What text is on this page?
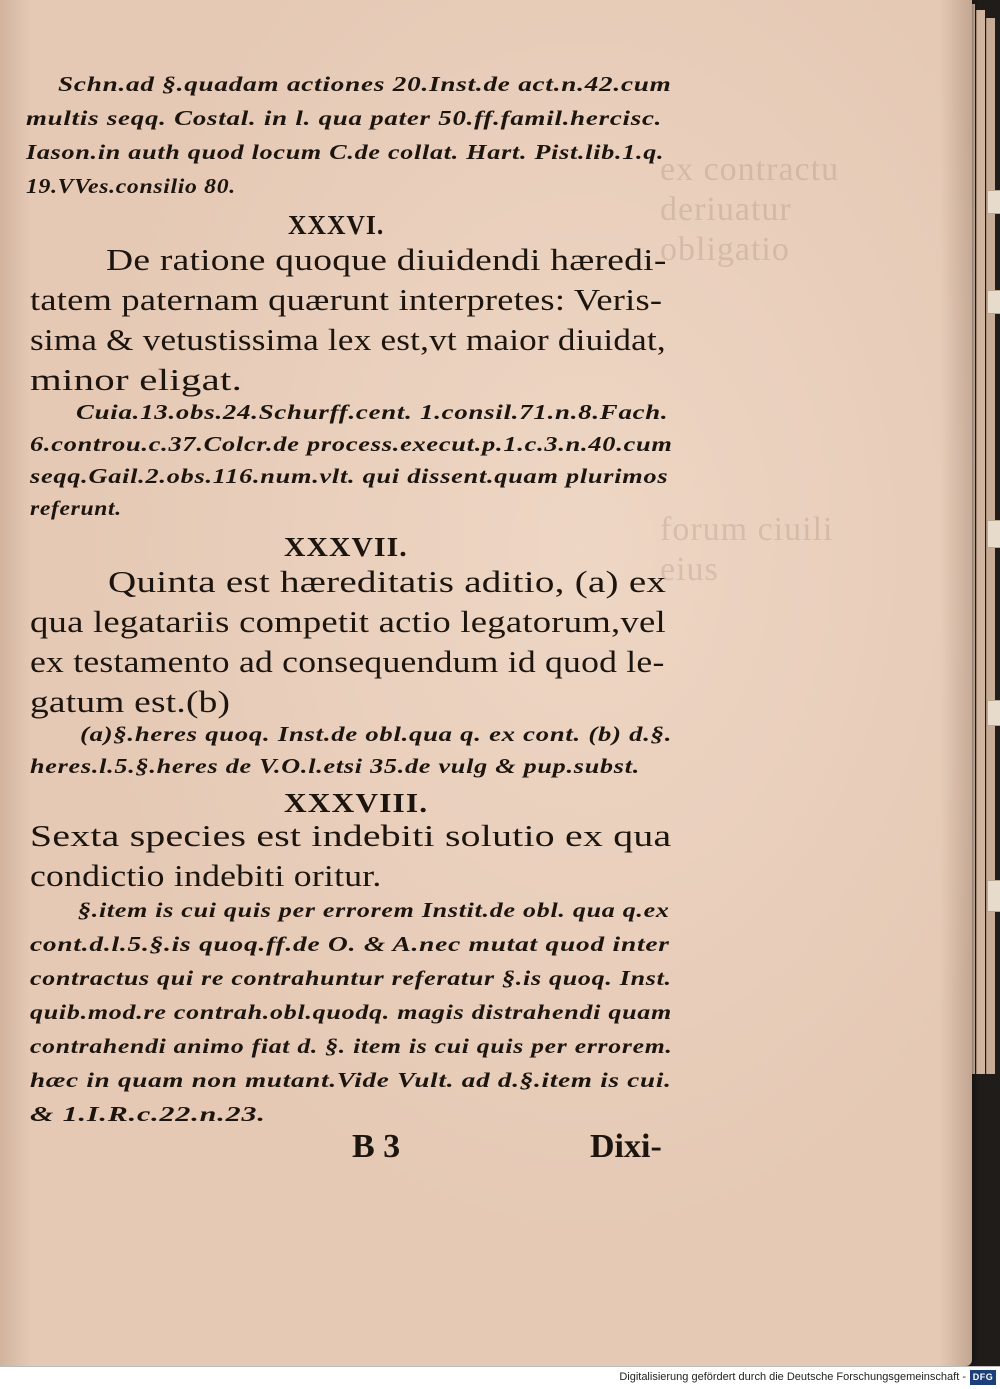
ex contractu
deriuatur
obligatio

forum ciuili
eius

B 3	Dixi-
Schn.ad §.quadam actiones 20.Inst.de act.n.42.cum
multis seqq. Costal. in l. qua pater 50.ff.famil.hercisc.
Iason.in auth quod locum C.de collat. Hart. Pist.lib.1.q.
19.VVes.consilio 80.
XXXVI.
De ratione quoque diuidendi hæredi-
tatem paternam quærunt interpretes: Veris-
sima & vetustissima lex est,vt maior diuidat,
minor eligat.
Cuia.13.obs.24.Schurff.cent. 1.consil.71.n.8.Fach.
6.controu.c.37.Colcr.de process.execut.p.1.c.3.n.40.cum
seqq.Gail.2.obs.116.num.vlt. qui dissent.quam plurimos
referunt.
XXXVII.
Quinta est hæreditatis aditio, (a) ex
qua legatariis competit actio legatorum,vel
ex testamento ad consequendum id quod le-
gatum est.(b)
(a)§.heres quoq. Inst.de obl.qua q. ex cont. (b) d.§.
heres.l.5.§.heres de V.O.l.etsi 35.de vulg & pup.subst.
XXXVIII.
Sexta species est indebiti solutio ex qua
condictio indebiti oritur.
§.item is cui quis per errorem Instit.de obl. qua q.ex
cont.d.l.5.§.is quoq.ff.de O. & A.nec mutat quod inter
contractus qui re contrahuntur referatur §.is quoq. Inst.
quib.mod.re contrah.obl.quodq. magis distrahendi quam
contrahendi animo fiat d. §. item is cui quis per errorem.
hæc in quam non mutant.Vide Vult. ad d.§.item is cui.
& 1.I.R.c.22.n.23.
Digitalisierung gefördert durch die Deutsche Forschungsgemeinschaft - DFG
